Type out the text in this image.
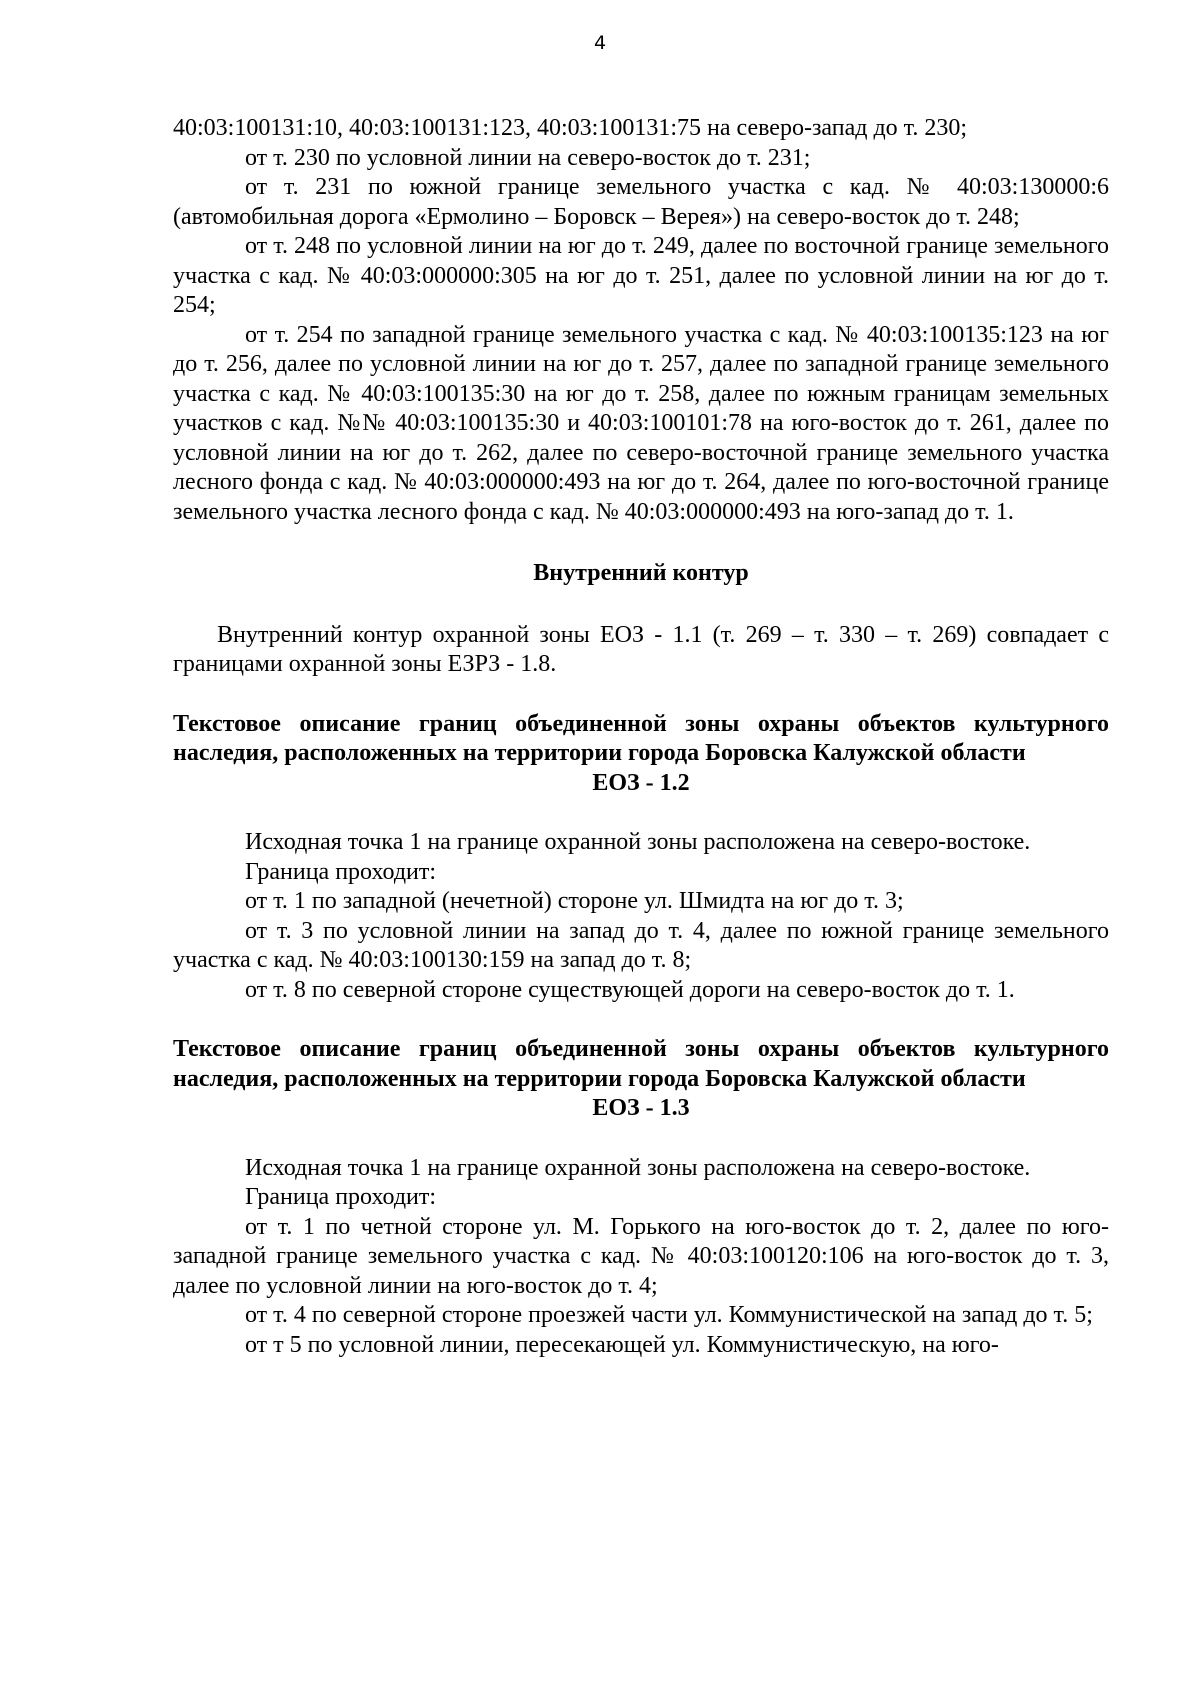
4

40:03:100131:10, 40:03:100131:123, 40:03:100131:75 на северо-запад до т. 230;

от т. 230 по условной линии на северо-восток до т. 231;

от т. 231 по южной границе земельного участка с кад. № 40:03:130000:6 (автомобильная дорога «Ермолино – Боровск – Верея») на северо-восток до т. 248;

от т. 248 по условной линии на юг до т. 249, далее по восточной границе земельного участка с кад. № 40:03:000000:305 на юг до т. 251, далее по условной линии на юг до т. 254;

от т. 254 по западной границе земельного участка с кад. № 40:03:100135:123 на юг до т. 256, далее по условной линии на юг до т. 257, далее по западной границе земельного участка с кад. № 40:03:100135:30 на юг до т. 258, далее по южным границам земельных участков с кад. №№ 40:03:100135:30 и 40:03:100101:78 на юго-восток до т. 261, далее по условной линии на юг до т. 262, далее по северо-восточной границе земельного участка лесного фонда с кад. № 40:03:000000:493 на юг до т. 264, далее по юго-восточной границе земельного участка лесного фонда с кад. № 40:03:000000:493 на юго-запад до т. 1.

Внутренний контур

Внутренний контур охранной зоны ЕОЗ - 1.1 (т. 269 – т. 330 – т. 269) совпадает с границами охранной зоны ЕЗРЗ - 1.8.

Текстовое описание границ объединенной зоны охраны объектов культурного наследия, расположенных на территории города Боровска Калужской области

ЕОЗ - 1.2

Исходная точка 1 на границе охранной зоны расположена на северо-востоке.

Граница проходит:

от т. 1 по западной (нечетной) стороне ул. Шмидта на юг до т. 3;

от т. 3 по условной линии на запад до т. 4, далее по южной границе земельного участка с кад. № 40:03:100130:159 на запад до т. 8;

от т. 8 по северной стороне существующей дороги на северо-восток до т. 1.

Текстовое описание границ объединенной зоны охраны объектов культурного наследия, расположенных на территории города Боровска Калужской области

ЕОЗ - 1.3

Исходная точка 1 на границе охранной зоны расположена на северо-востоке.

Граница проходит:

от т. 1 по четной стороне ул. М. Горького на юго-восток до т. 2, далее по юго-западной границе земельного участка с кад. № 40:03:100120:106 на юго-восток до т. 3, далее по условной линии на юго-восток до т. 4;

от т. 4 по северной стороне проезжей части ул. Коммунистической на запад до т. 5;

от т 5 по условной линии, пересекающей ул. Коммунистическую, на юго-
